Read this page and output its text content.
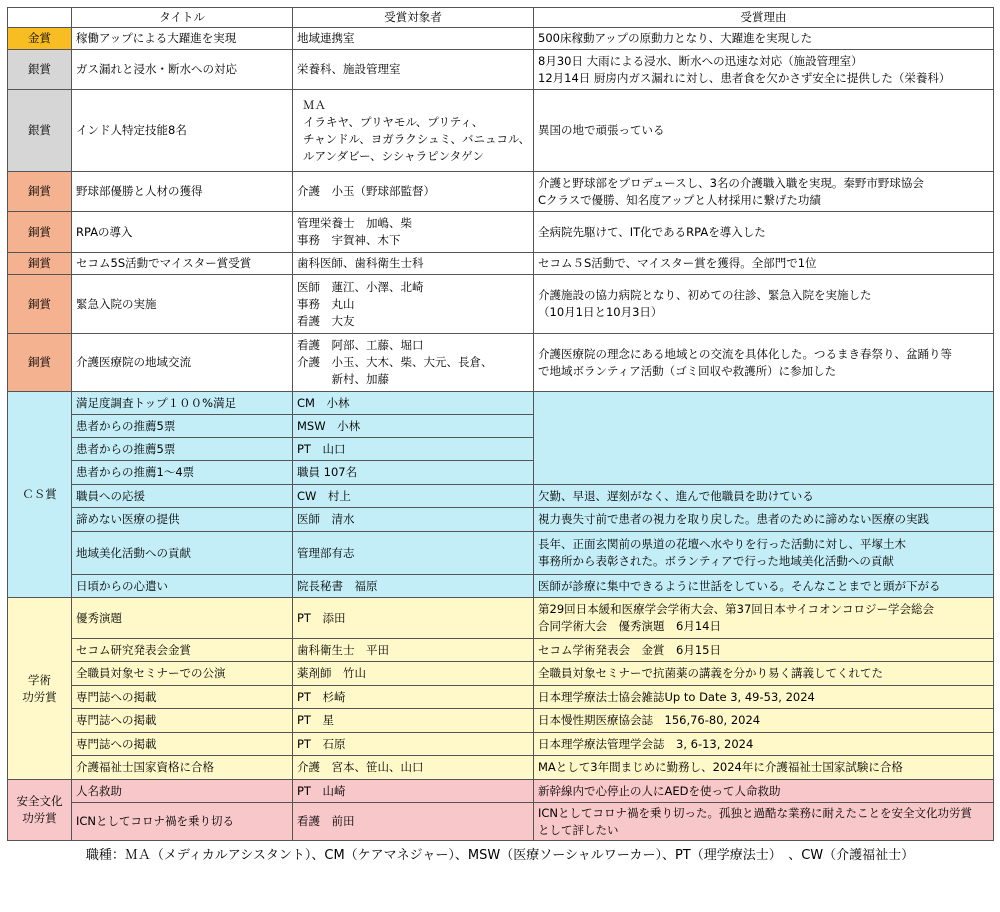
	タイトル	受賞対象者	受賞理由
金賞	稼働アップによる大躍進を実現	地域連携室	500床稼動アップの原動力となり、大躍進を実現した

銀賞	ガス漏れと浸水・断水への対応	栄養科、施設管理室	8月30日 大雨による浸水、断水への迅速な対応（施設管理室）
12月14日 厨房内ガス漏れに対し、患者食を欠かさず安全に提供した（栄養科）

銀賞	インド人特定技能8名	ＭＡ
イラキヤ、プリヤモル、プリティ、
チャンドル、ヨガラクシュミ、バニュコル、
ルアンダビー、シシャラピンタゲン	異国の地で頑張っている

銅賞	野球部優勝と人材の獲得	介護　小玉（野球部監督）	介護と野球部をプロデュースし、3名の介護職入職を実現。秦野市野球協会
Cクラスで優勝、知名度アップと人材採用に繋げた功績

銅賞	RPAの導入	管理栄養士　加嶋、柴
事務　宇賀神、木下	全病院先駆けて、IT化であるRPAを導入した

銅賞	セコム5S活動でマイスター賞受賞	歯科医師、歯科衛生士科	セコム５S活動で、マイスター賞を獲得。全部門で1位

銅賞	緊急入院の実施	医師　蓮江、小澤、北崎
事務　丸山
看護　大友	介護施設の協力病院となり、初めての往診、緊急入院を実施した
（10月1日と10月3日）

銅賞	介護医療院の地域交流	看護　阿部、工藤、堀口
介護　小玉、大木、柴、大元、長倉、
　　　新村、加藤	介護医療院の理念にある地域との交流を具体化した。つるまき春祭り、盆踊り等
で地域ボランティア活動（ゴミ回収や救護所）に参加した

ＣＳ賞	満足度調査トップ１００%満足	CM　小林	

	患者からの推薦5票	MSW　小林	

	患者からの推薦5票	PT　山口	

	患者からの推薦1～4票	職員 107名	

	職員への応援	CW　村上	欠勤、早退、遅刻がなく、進んで他職員を助けている

	諦めない医療の提供	医師　清水	視力喪失寸前で患者の視力を取り戻した。患者のために諦めない医療の実践

	地域美化活動への貢献	管理部有志	長年、正面玄関前の県道の花壇へ水やりを行った活動に対し、平塚土木
事務所から表彰された。ボランティアで行った地域美化活動への貢献

	日頃からの心遣い	院長秘書　福原	医師が診療に集中できるように世話をしている。そんなことまでと頭が下がる

学術
功労賞	優秀演題	PT　添田	第29回日本緩和医療学会学術大会、第37回日本サイコオンコロジー学会総会
合同学術大会　優秀演題　6月14日

	セコム研究発表会金賞	歯科衛生士　平田	セコム学術発表会　金賞　6月15日

	全職員対象セミナーでの公演	薬剤師　竹山	全職員対象セミナーで抗菌薬の講義を分かり易く講義してくれてた

	専門誌への掲載	PT　杉崎	日本理学療法士協会雑誌Up to Date 3, 49-53, 2024

	専門誌への掲載	PT　星	日本慢性期医療協会誌　156,76-80, 2024

	専門誌への掲載	PT　石原	日本理学療法管理学会誌　3, 6-13, 2024

	介護福祉士国家資格に合格	介護　宮本、笹山、山口	MAとして3年間まじめに勤務し、2024年に介護福祉士国家試験に合格

安全文化
功労賞	人名救助	PT　山崎	新幹線内で心停止の人にAEDを使って人命救助

	ICNとしてコロナ禍を乗り切る	看護　前田	ICNとしてコロナ禍を乗り切った。孤独と過酷な業務に耐えたことを安全文化功労賞
として評したい
職種：ＭＡ（メディカルアシスタント）、CM（ケアマネジャー）、MSW（医療ソーシャルワーカー）、PT（理学療法士）　、CW（介護福祉士）
